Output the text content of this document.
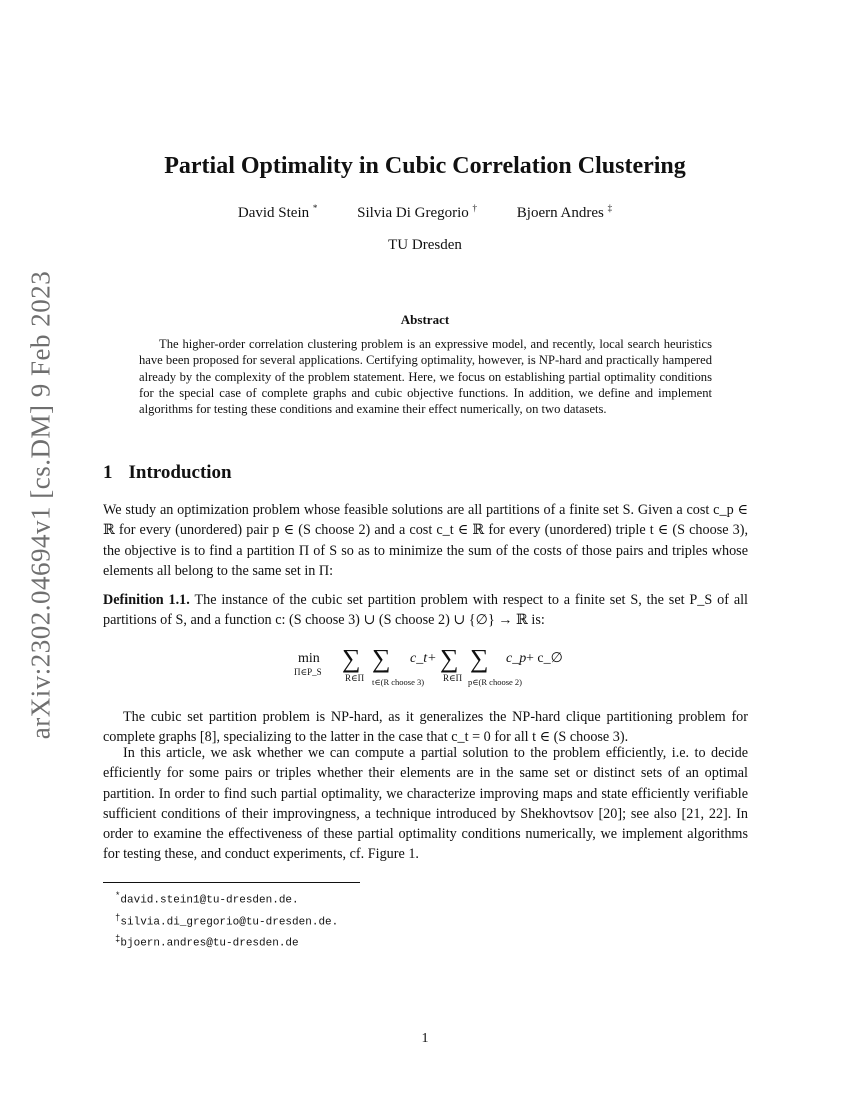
arXiv:2302.04694v1 [cs.DM] 9 Feb 2023
Partial Optimality in Cubic Correlation Clustering
David Stein *	Silvia Di Gregorio †	Bjoern Andres ‡
TU Dresden
Abstract
The higher-order correlation clustering problem is an expressive model, and recently, local search heuristics have been proposed for several applications. Certifying optimality, however, is NP-hard and practically hampered already by the complexity of the problem statement. Here, we focus on establishing partial optimality conditions for the special case of complete graphs and cubic objective functions. In addition, we define and implement algorithms for testing these conditions and examine their effect numerically, on two datasets.
1 Introduction
We study an optimization problem whose feasible solutions are all partitions of a finite set S. Given a cost c_p ∈ ℝ for every (unordered) pair p ∈ (S choose 2) and a cost c_t ∈ ℝ for every (unordered) triple t ∈ (S choose 3), the objective is to find a partition Π of S so as to minimize the sum of the costs of those pairs and triples whose elements all belong to the same set in Π:
Definition 1.1. The instance of the cubic set partition problem with respect to a finite set S, the set P_S of all partitions of S, and a function c: (S choose 3) ∪ (S choose 2) ∪ {∅} → ℝ is:
min
Π∈P_S ∑
R∈Π
∑
t∈(R choose 3)
c_t + ∑
R∈Π
∑
p∈(R choose 2)
c_p + c_∅
The cubic set partition problem is NP-hard, as it generalizes the NP-hard clique partitioning problem for complete graphs [8], specializing to the latter in the case that c_t = 0 for all t ∈ (S choose 3).
In this article, we ask whether we can compute a partial solution to the problem efficiently, i.e. to decide efficiently for some pairs or triples whether their elements are in the same set or distinct sets of an optimal partition. In order to find such partial optimality, we characterize improving maps and state efficiently verifiable sufficient conditions of their improvingness, a technique introduced by Shekhovtsov [20]; see also [21, 22]. In order to examine the effectiveness of these partial optimality conditions numerically, we implement algorithms for testing these, and conduct experiments, cf. Figure 1.
*david.stein1@tu-dresden.de.
†silvia.di_gregorio@tu-dresden.de.
‡bjoern.andres@tu-dresden.de
1
